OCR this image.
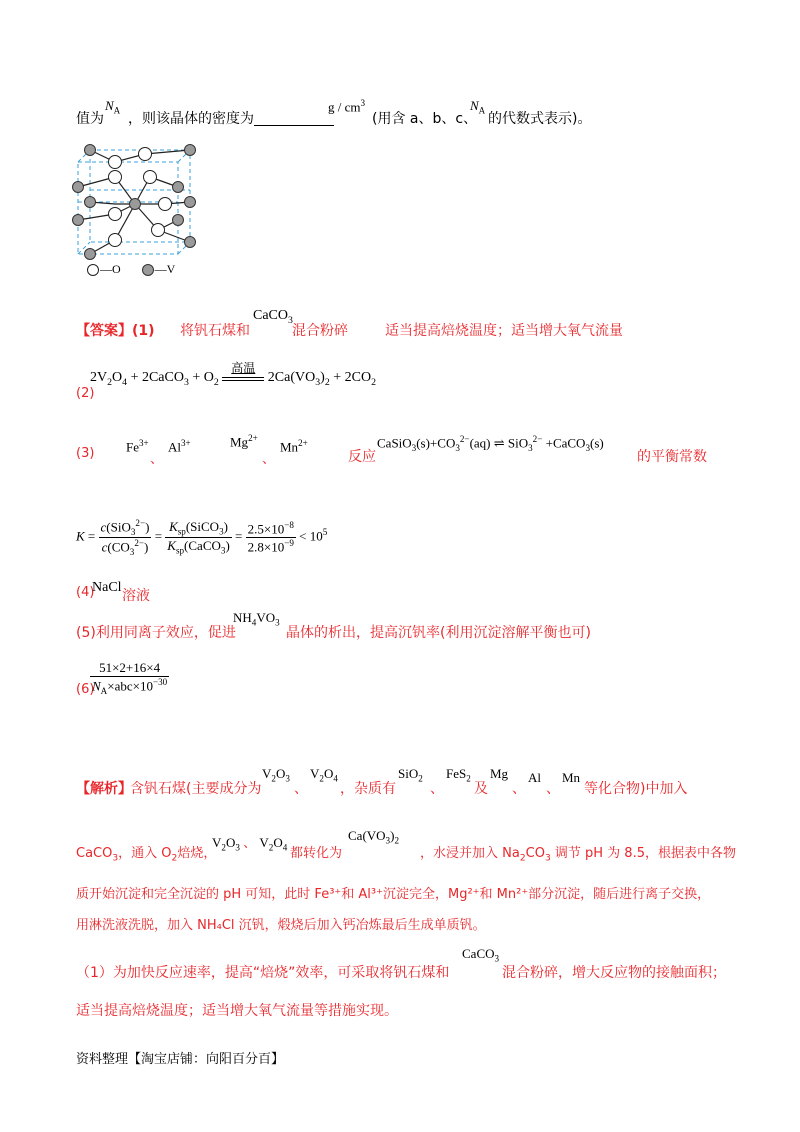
值为
$N_A$
，则该晶体的密度为
g / $cm^3$
(用含 a、b、c、
$N_A$
的代数式表示)。
—O	—V
【答案】(1) 将钒石煤和
CaCO$_3$
混合粉碎	适当提高焙烧温度；适当增大氧气流量
(2)
$2V_2O_4$ + 2CaCO$_3$ + $O_2$
高温
$2Ca(VO_3)_2 + 2CO_2$
(3) $Fe^{3+}$
、
$Al^{3+}$	$Mg^{2+}$
、
$Mn^{2+}$
反应
$CaSiO_3(s)+CO_3^{2-}(aq)$ ⇌ SiO$_3^{2-}$ +CaCO$_3$(s)
的平衡常数
$K = \frac{c(SiO_3^{2-})}{c(CO_3^{2-})} = \frac{K_{sp}(SiCO_3)}{K_{sp}(CaCO_3)} = \frac{2.5\times 10^{-8}}{2.8\times 10^{-9}} < 10^5$
(4)
NaCl
溶液
(5)利用同离子效应，促进
$NH_4VO_3$
晶体的析出，提高沉钒率(利用沉淀溶解平衡也可)
(6)
$\frac{51\times 2+16\times 4}{N_A\times abc\times 10^{-30}}$
【解析】
含钒石煤(主要成分为
$V_2O_3$
、
$V_2O_4$
，杂质有
SiO$_2$
、
FeS$_2$
及
Mg
、
Al
、
Mn
等化合物)中加入
CaCO$_3$，通入 $O_2$焙烧，
$V_2O_3$ 、 $V_2O_4$ 都转化为
$Ca(VO_3)_2$
，水浸并加入 $Na_2CO_3$ 调节 pH 为 8.5，根据表中各物
质开始沉淀和完全沉淀的 pH 可知，此时 Fe³⁺和 Al³⁺沉淀完全，Mg²⁺和 Mn²⁺部分沉淀，随后进行离子交换，
用淋洗液洗脱，加入 NH₄Cl 沉钒，煅烧后加入钙冶炼最后生成单质钒。
（1）为加快反应速率，提高“焙烧”效率，可采取将钒石煤和
CaCO$_3$
混合粉碎，增大反应物的接触面积；
适当提高焙烧温度；适当增大氧气流量等措施实现。
资料整理【淘宝店铺：向阳百分百】
